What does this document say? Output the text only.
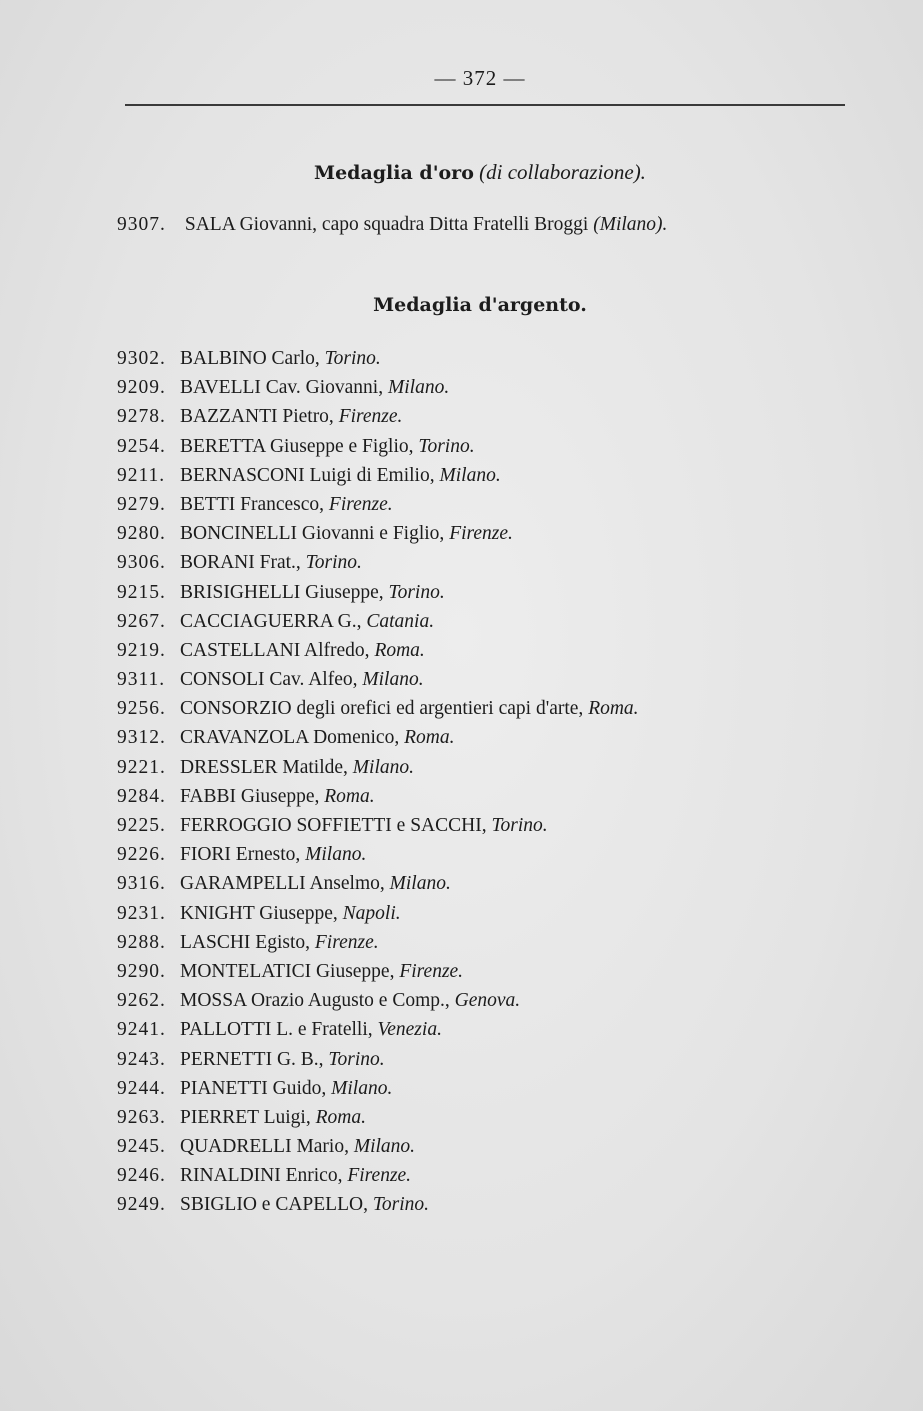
— 372 —
Medaglia d'oro (di collaborazione).
9307. SALA Giovanni, capo squadra Ditta Fratelli Broggi (Milano).
Medaglia d'argento.
9302. BALBINO Carlo, Torino.
9209. BAVELLI Cav. Giovanni, Milano.
9278. BAZZANTI Pietro, Firenze.
9254. BERETTA Giuseppe e Figlio, Torino.
9211. BERNASCONI Luigi di Emilio, Milano.
9279. BETTI Francesco, Firenze.
9280. BONCINELLI Giovanni e Figlio, Firenze.
9306. BORANI Frat., Torino.
9215. BRISIGHELLI Giuseppe, Torino.
9267. CACCIAGUERRA G., Catania.
9219. CASTELLANI Alfredo, Roma.
9311. CONSOLI Cav. Alfeo, Milano.
9256. CONSORZIO degli orefici ed argentieri capi d'arte, Roma.
9312. CRAVANZOLA Domenico, Roma.
9221. DRESSLER Matilde, Milano.
9284. FABBI Giuseppe, Roma.
9225. FERROGGIO SOFFIETTI e SACCHI, Torino.
9226. FIORI Ernesto, Milano.
9316. GARAMPELLI Anselmo, Milano.
9231. KNIGHT Giuseppe, Napoli.
9288. LASCHI Egisto, Firenze.
9290. MONTELATICI Giuseppe, Firenze.
9262. MOSSA Orazio Augusto e Comp., Genova.
9241. PALLOTTI L. e Fratelli, Venezia.
9243. PERNETTI G. B., Torino.
9244. PIANETTI Guido, Milano.
9263. PIERRET Luigi, Roma.
9245. QUADRELLI Mario, Milano.
9246. RINALDINI Enrico, Firenze.
9249. SBIGLIO e CAPELLO, Torino.
